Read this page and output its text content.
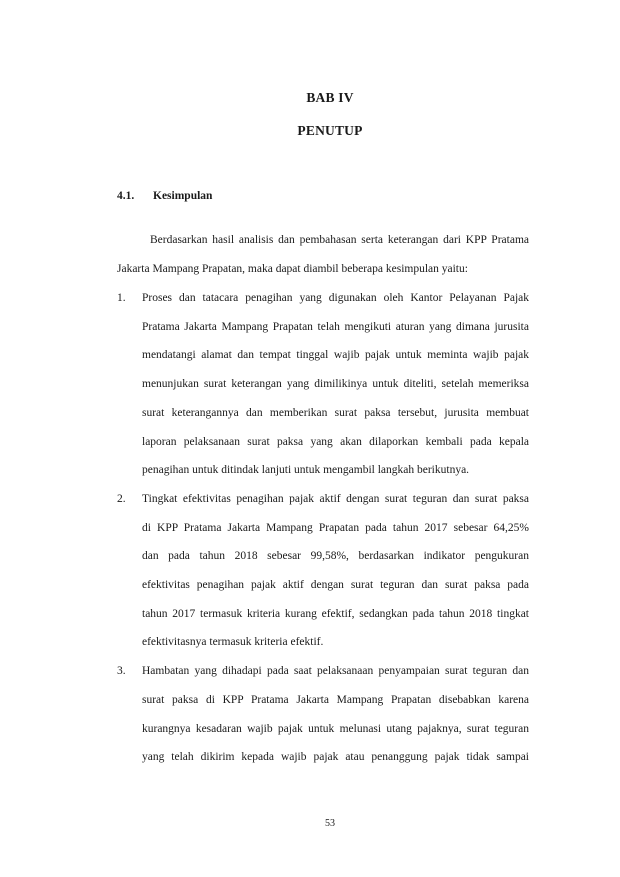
BAB IV
PENUTUP
4.1. Kesimpulan
Berdasarkan hasil analisis dan pembahasan serta keterangan dari KPP Pratama
Jakarta Mampang Prapatan, maka dapat diambil beberapa kesimpulan yaitu:
1. Proses dan tatacara penagihan yang digunakan oleh Kantor Pelayanan Pajak
Pratama Jakarta Mampang Prapatan telah mengikuti aturan yang dimana jurusita
mendatangi alamat dan tempat tinggal wajib pajak untuk meminta wajib pajak
menunjukan surat keterangan yang dimilikinya untuk diteliti, setelah memeriksa
surat keterangannya dan memberikan surat paksa tersebut, jurusita membuat
laporan pelaksanaan surat paksa yang akan dilaporkan kembali pada kepala
penagihan untuk ditindak lanjuti untuk mengambil langkah berikutnya.
2. Tingkat efektivitas penagihan pajak aktif dengan surat teguran dan surat paksa
di KPP Pratama Jakarta Mampang Prapatan pada tahun 2017 sebesar 64,25%
dan pada tahun 2018 sebesar 99,58%, berdasarkan indikator pengukuran
efektivitas penagihan pajak aktif dengan surat teguran dan surat paksa pada
tahun 2017 termasuk kriteria kurang efektif, sedangkan pada tahun 2018 tingkat
efektivitasnya termasuk kriteria efektif.
3. Hambatan yang dihadapi pada saat pelaksanaan penyampaian surat teguran dan
surat paksa di KPP Pratama Jakarta Mampang Prapatan disebabkan karena
kurangnya kesadaran wajib pajak untuk melunasi utang pajaknya, surat teguran
yang telah dikirim kepada wajib pajak atau penanggung pajak tidak sampai
53
